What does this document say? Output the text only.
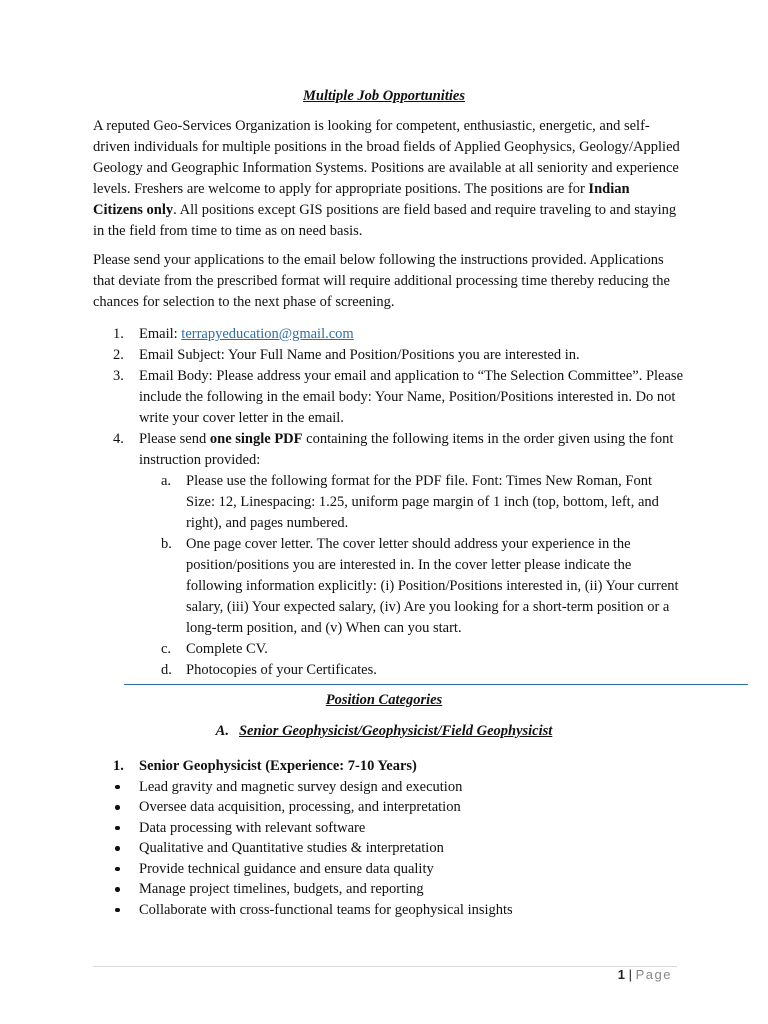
Multiple Job Opportunities

A reputed Geo-Services Organization is looking for competent, enthusiastic, energetic, and self-driven individuals for multiple positions in the broad fields of Applied Geophysics, Geology/Applied Geology and Geographic Information Systems. Positions are available at all seniority and experience levels. Freshers are welcome to apply for appropriate positions. The positions are for Indian Citizens only. All positions except GIS positions are field based and require traveling to and staying in the field from time to time as on need basis.

Please send your applications to the email below following the instructions provided. Applications that deviate from the prescribed format will require additional processing time thereby reducing the chances for selection to the next phase of screening.

1. Email: terrapyeducation@gmail.com
2. Email Subject: Your Full Name and Position/Positions you are interested in.
3. Email Body: Please address your email and application to “The Selection Committee”. Please include the following in the email body: Your Name, Position/Positions interested in. Do not write your cover letter in the email.
4. Please send one single PDF containing the following items in the order given using the font instruction provided:
a. Please use the following format for the PDF file. Font: Times New Roman, Font Size: 12, Linespacing: 1.25, uniform page margin of 1 inch (top, bottom, left, and right), and pages numbered.
b. One page cover letter. The cover letter should address your experience in the position/positions you are interested in. In the cover letter please indicate the following information explicitly: (i) Position/Positions interested in, (ii) Your current salary, (iii) Your expected salary, (iv) Are you looking for a short-term position or a long-term position, and (v) When can you start.
c. Complete CV.
d. Photocopies of your Certificates.
Position Categories
A. Senior Geophysicist/Geophysicist/Field Geophysicist
1. Senior Geophysicist (Experience: 7-10 Years)
Lead gravity and magnetic survey design and execution
Oversee data acquisition, processing, and interpretation
Data processing with relevant software
Qualitative and Quantitative studies & interpretation
Provide technical guidance and ensure data quality
Manage project timelines, budgets, and reporting
Collaborate with cross-functional teams for geophysical insights
1 | Page
